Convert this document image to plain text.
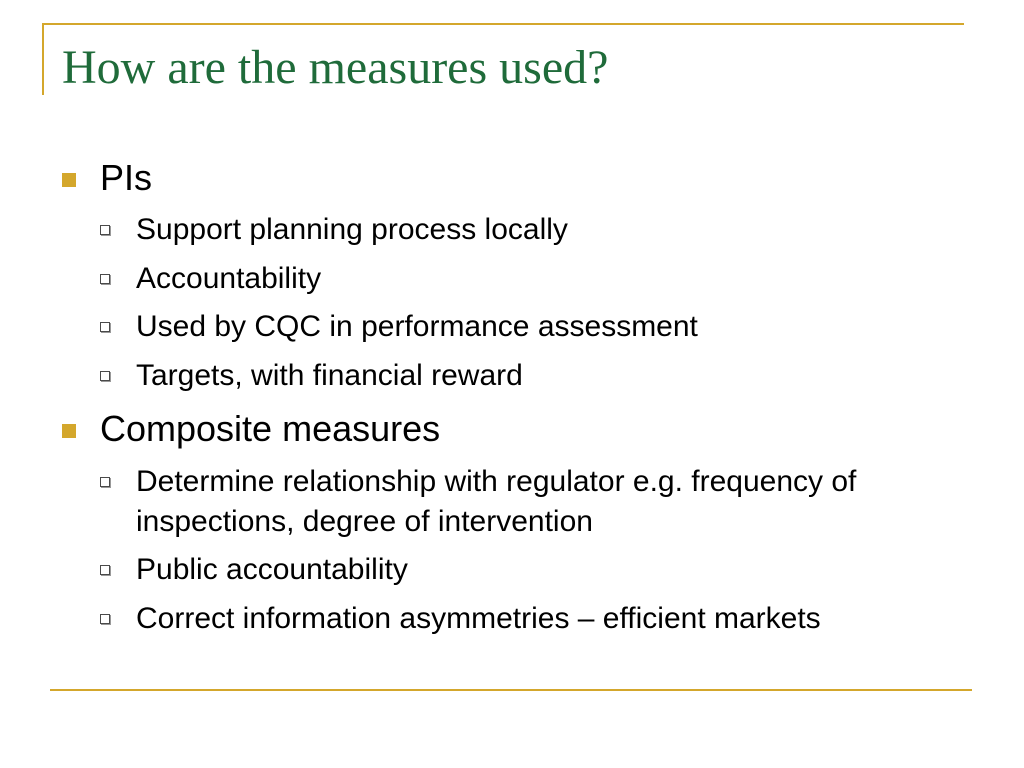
How are the measures used?
PIs
Support planning process locally
Accountability
Used by CQC in performance assessment
Targets, with financial reward
Composite measures
Determine relationship with regulator e.g. frequency of inspections, degree of intervention
Public accountability
Correct information asymmetries – efficient markets
